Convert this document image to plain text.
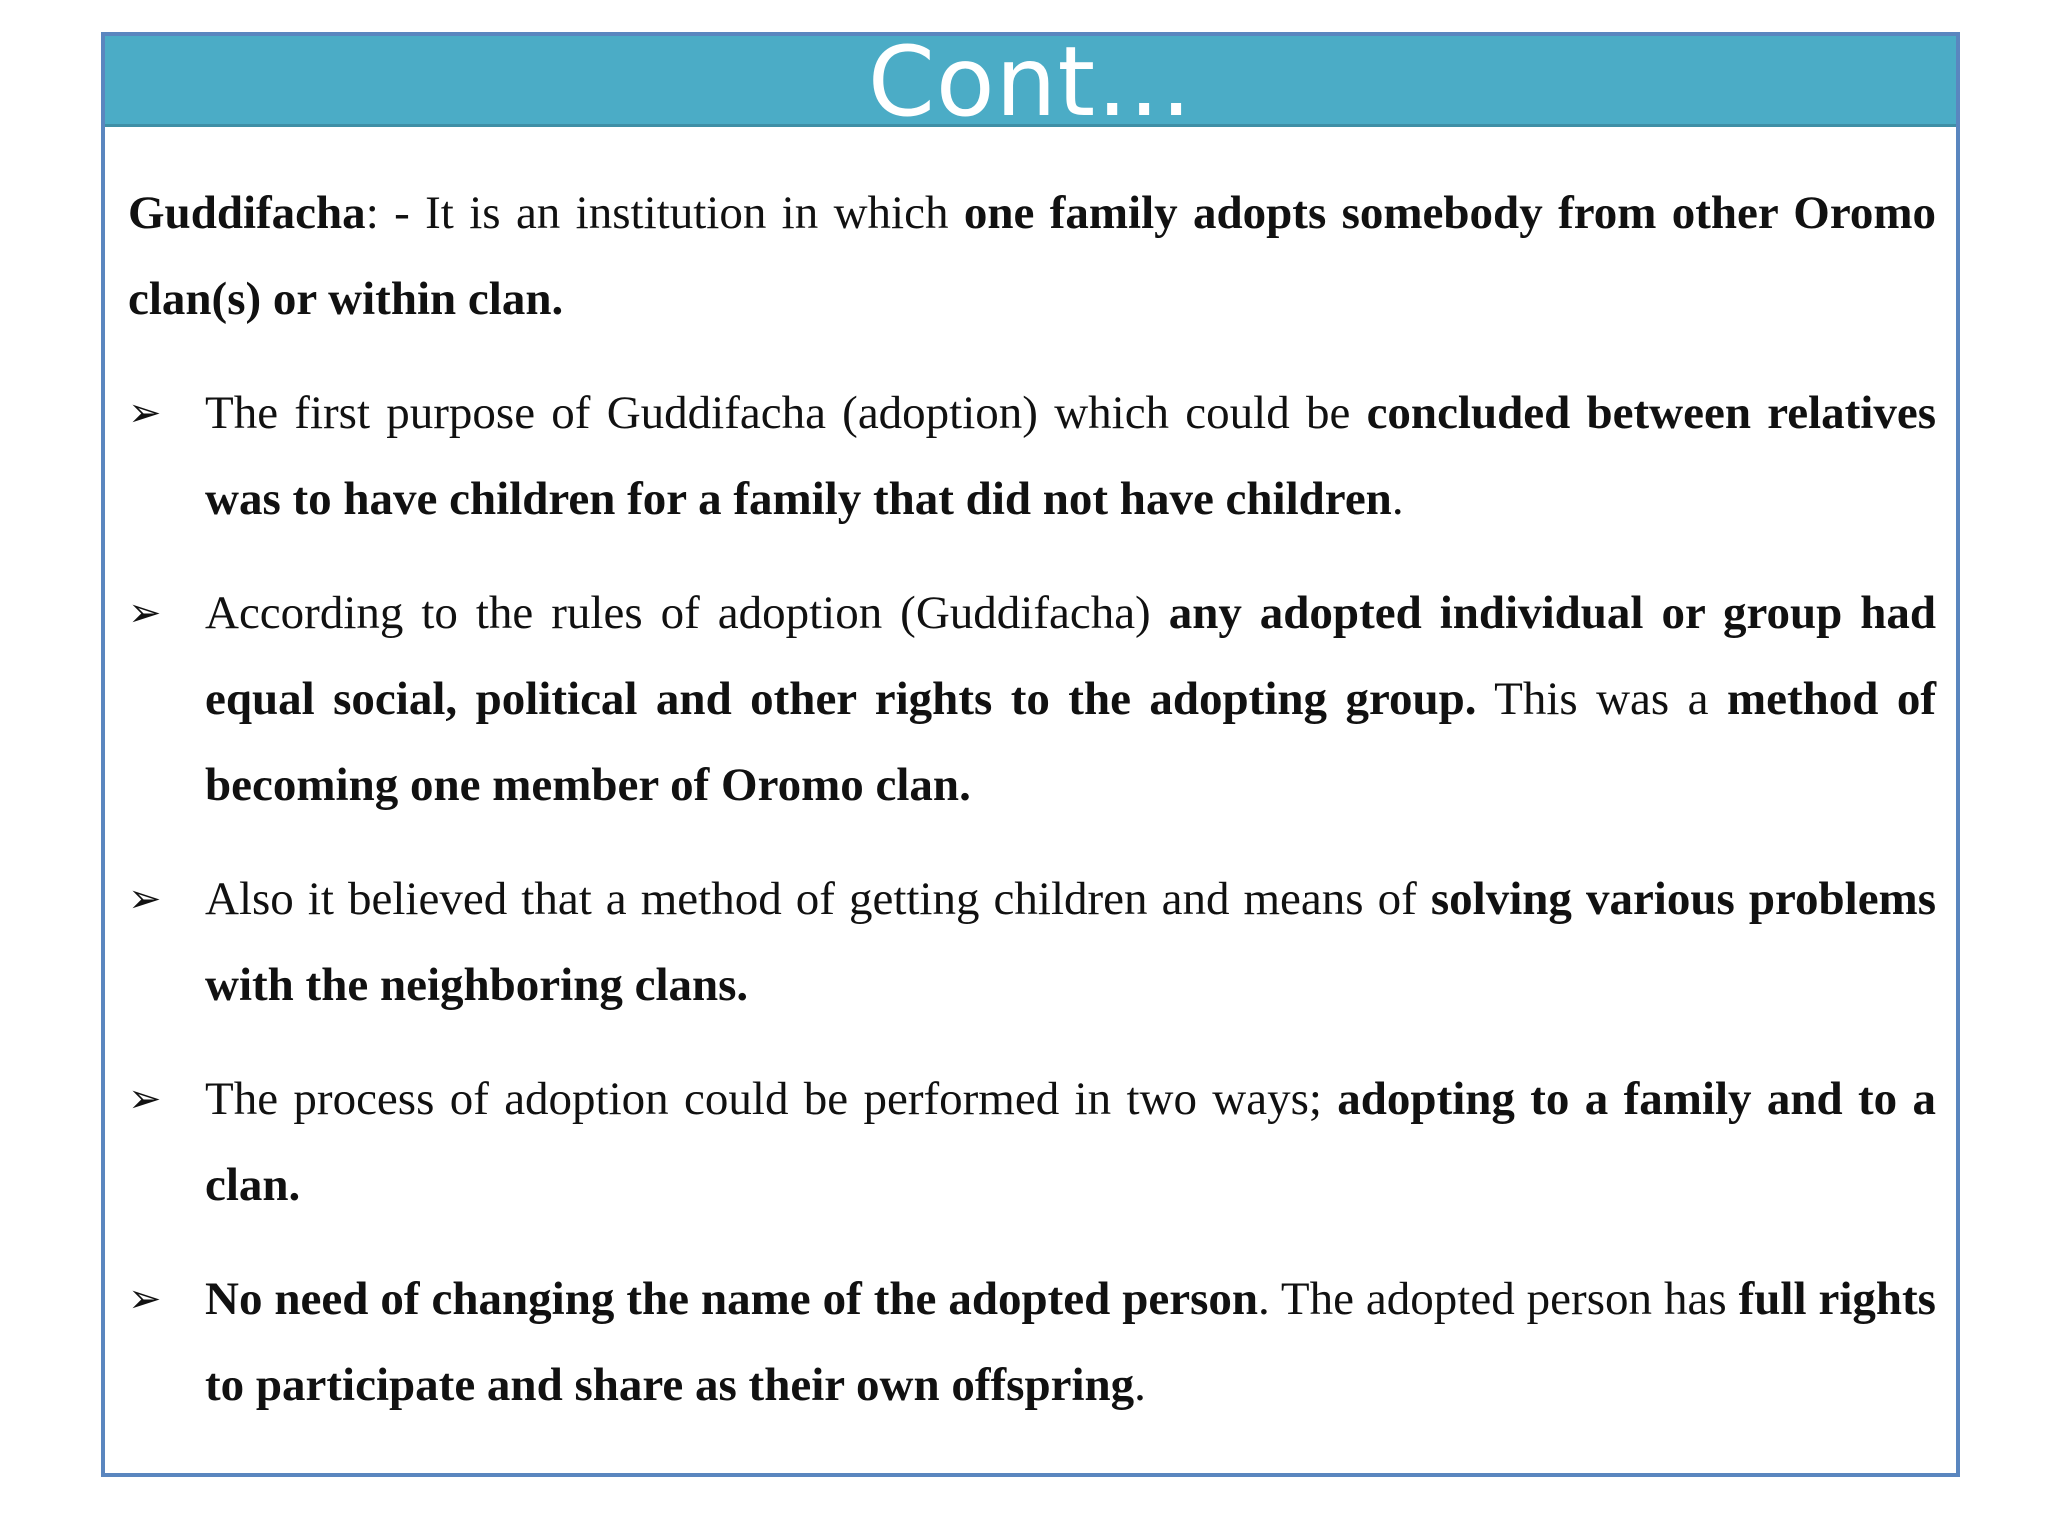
Cont…

Guddifacha: - It is an institution in which one family adopts somebody from other Oromo clan(s) or within clan.

➢ The first purpose of Guddifacha (adoption) which could be concluded between relatives was to have children for a family that did not have children.

➢ According to the rules of adoption (Guddifacha) any adopted individual or group had equal social, political and other rights to the adopting group. This was a method of becoming one member of Oromo clan.

➢ Also it believed that a method of getting children and means of solving various problems with the neighboring clans.

➢ The process of adoption could be performed in two ways; adopting to a family and to a clan.

➢ No need of changing the name of the adopted person. The adopted person has full rights to participate and share as their own offspring.
